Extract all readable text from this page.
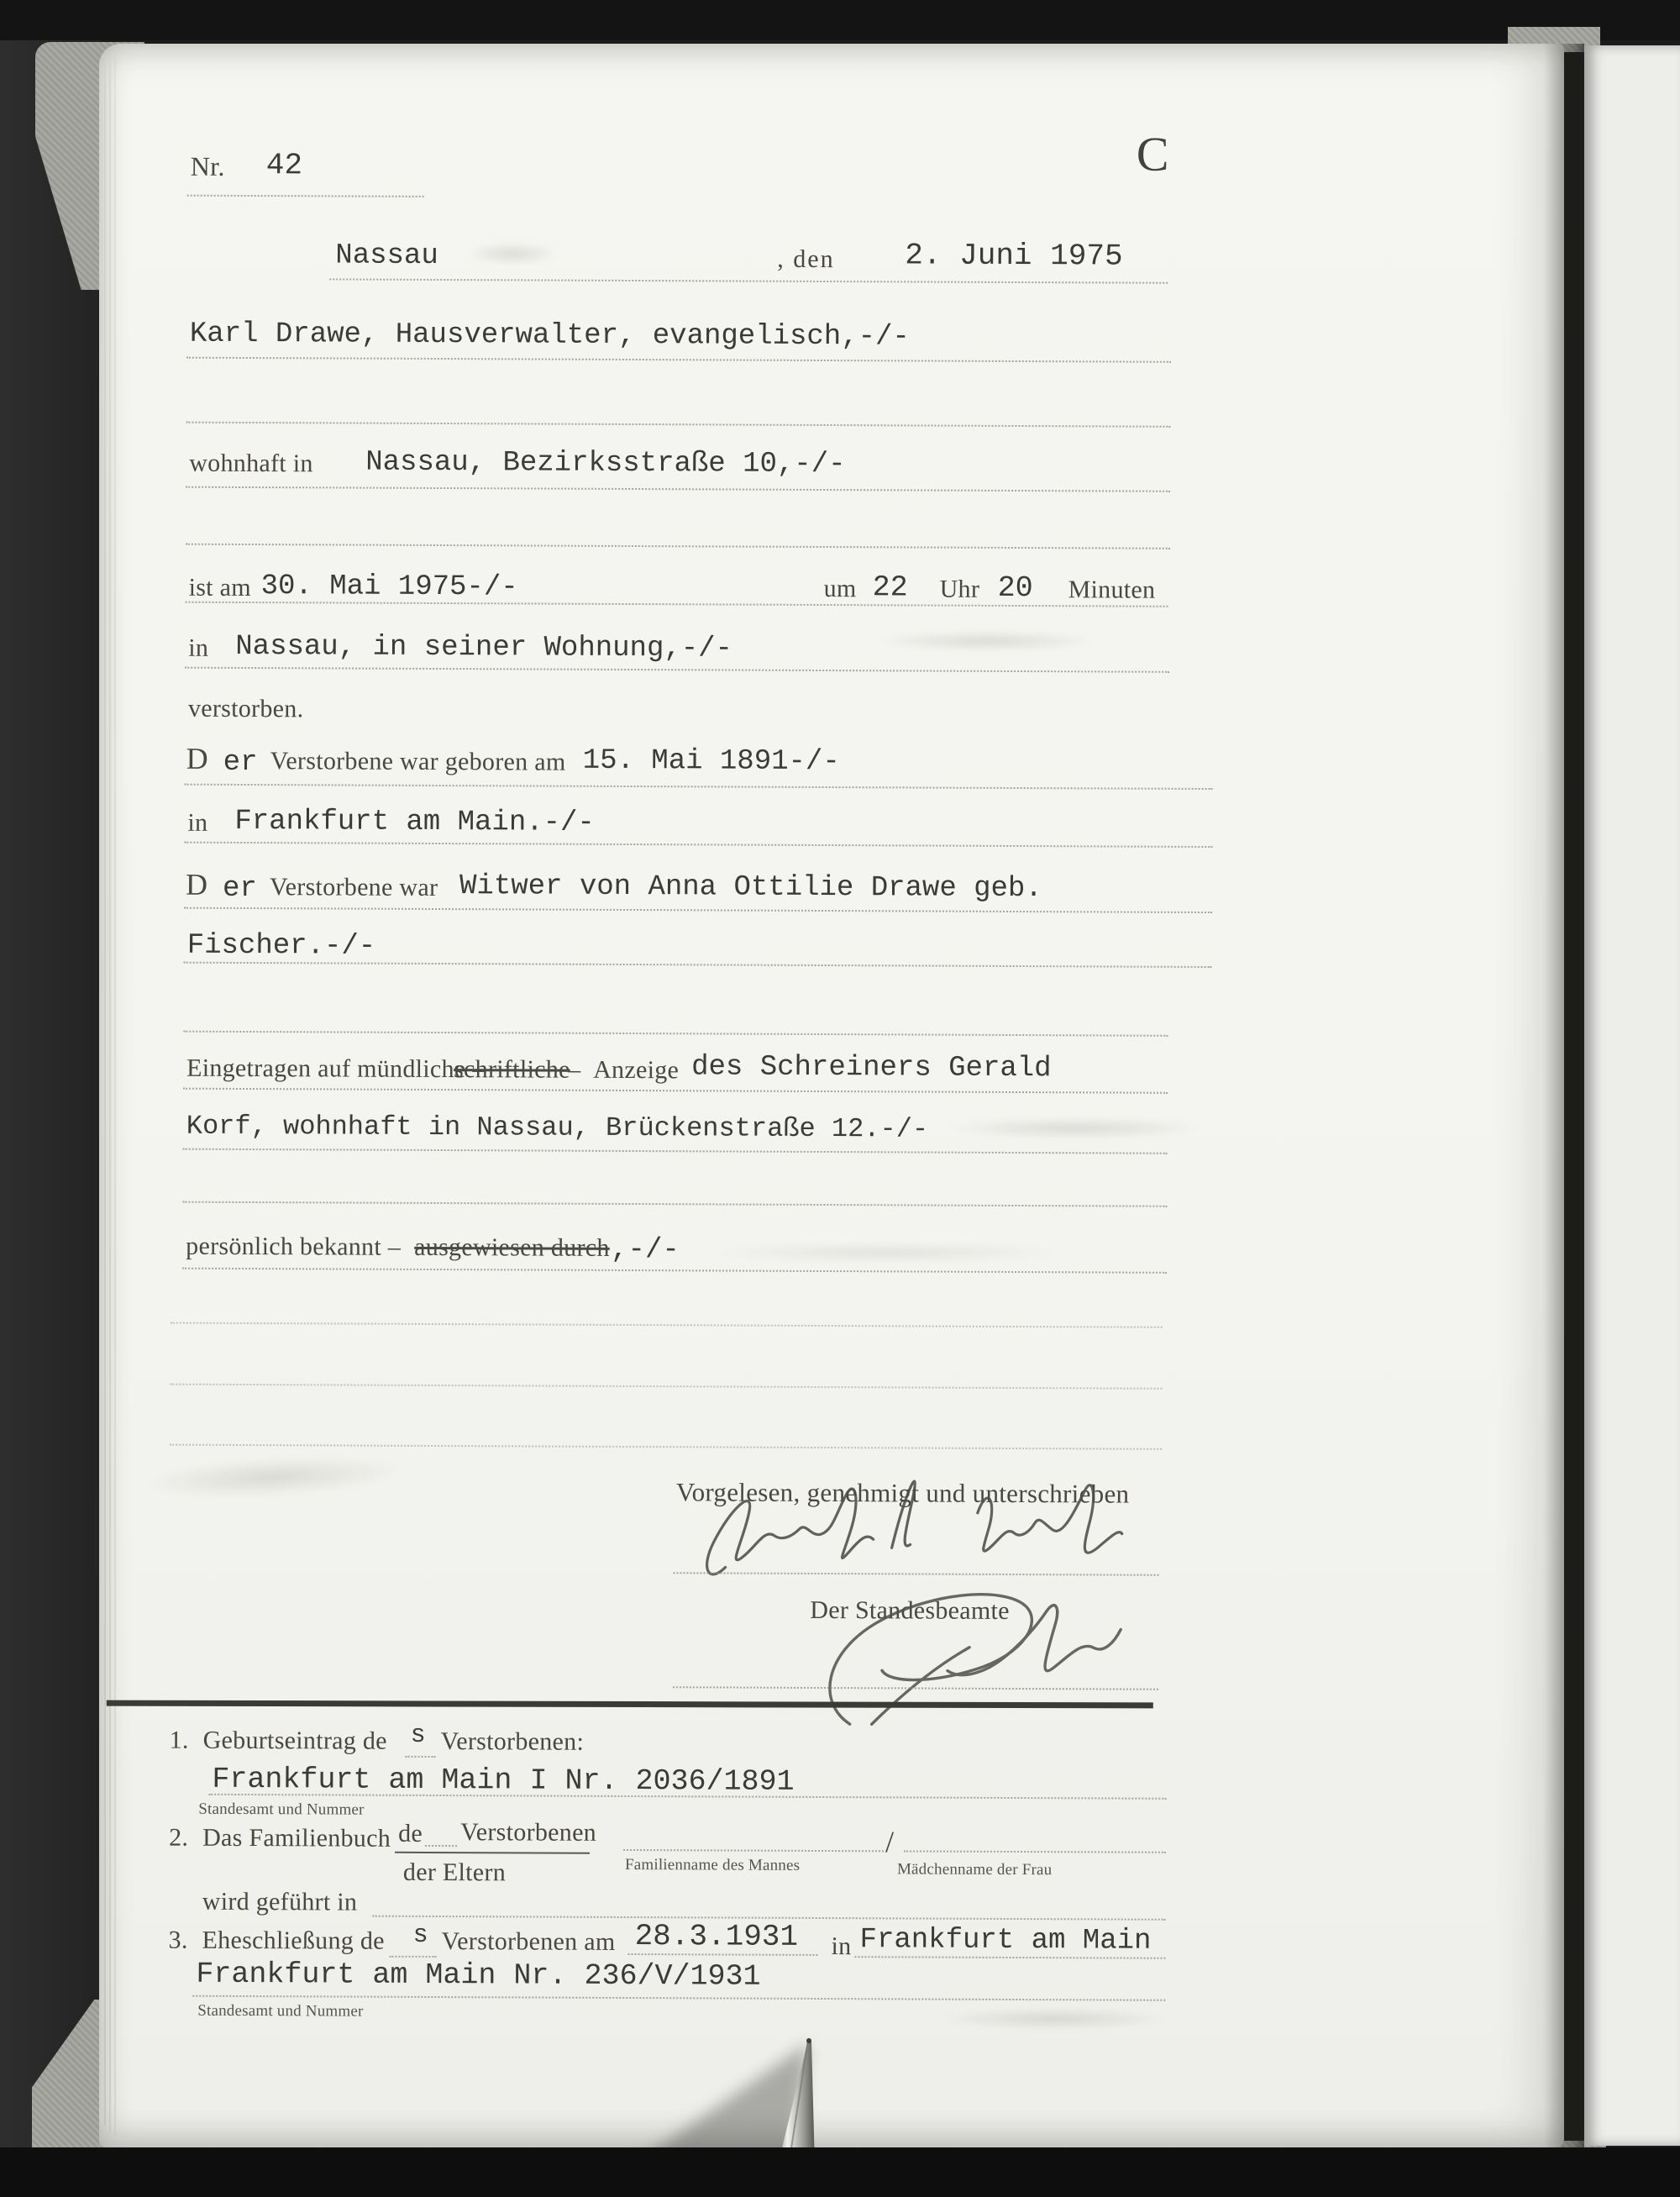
Nr. 42	C
Nassau	, den 2. Juni 1975
Karl Drawe, Hausverwalter, evangelisch,-/-
wohnhaft in Nassau, Bezirksstraße 10,-/-
ist am 30. Mai 1975-/-	um 22 Uhr 20 Minuten
in Nassau, in seiner Wohnung,-/-
verstorben.
D er Verstorbene war geboren am 15. Mai 1891-/-
in Frankfurt am Main.-/-
D er Verstorbene war Witwer von Anna Ottilie Drawe geb.
Fischer.-/-
Eingetragen auf mündliche –
schriftliche
– Anzeige des Schreiners Gerald
Korf, wohnhaft in Nassau, Brückenstraße 12.-/-
persönlich bekannt – ausgewiesen durch ,-/-
Vorgelesen, genehmigt und unterschrieben
Der Standesbeamte
1. Geburtseintrag de s Verstorbenen:
Frankfurt am Main I Nr. 2036/1891
Standesamt und Nummer
2. Das Familienbuch de Verstorbenen
der Eltern	Familienname des Mannes
/
Mädchenname der Frau
wird geführt in
3. Eheschließung de s Verstorbenen am 28.3.1931 in Frankfurt am Main
Frankfurt am Main Nr. 236/V/1931
Standesamt und Nummer
